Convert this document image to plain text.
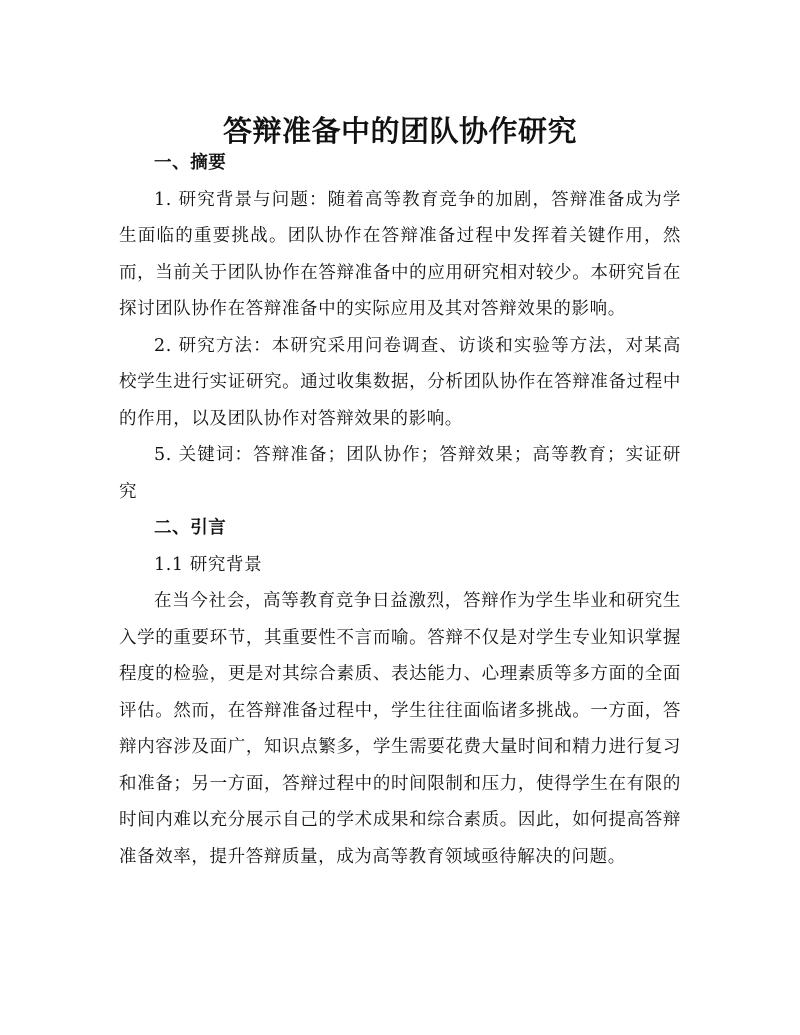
答辩准备中的团队协作研究

一、摘要

1. 研究背景与问题：随着高等教育竞争的加剧，答辩准备成为学生面临的重要挑战。团队协作在答辩准备过程中发挥着关键作用，然而，当前关于团队协作在答辩准备中的应用研究相对较少。本研究旨在探讨团队协作在答辩准备中的实际应用及其对答辩效果的影响。

2. 研究方法：本研究采用问卷调查、访谈和实验等方法，对某高校学生进行实证研究。通过收集数据，分析团队协作在答辩准备过程中的作用，以及团队协作对答辩效果的影响。

5. 关键词：答辩准备；团队协作；答辩效果；高等教育；实证研究

二、引言

1.1 研究背景

在当今社会，高等教育竞争日益激烈，答辩作为学生毕业和研究生入学的重要环节，其重要性不言而喻。答辩不仅是对学生专业知识掌握程度的检验，更是对其综合素质、表达能力、心理素质等多方面的全面评估。然而，在答辩准备过程中，学生往往面临诸多挑战。一方面，答辩内容涉及面广，知识点繁多，学生需要花费大量时间和精力进行复习和准备；另一方面，答辩过程中的时间限制和压力，使得学生在有限的时间内难以充分展示自己的学术成果和综合素质。因此，如何提高答辩准备效率，提升答辩质量，成为高等教育领域亟待解决的问题。
